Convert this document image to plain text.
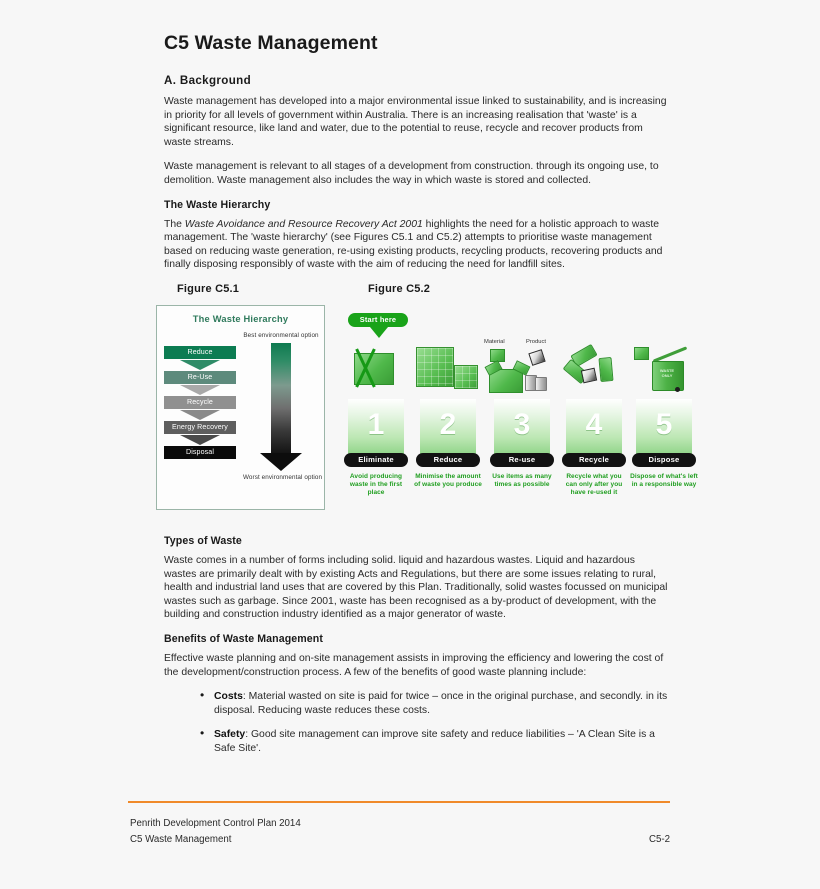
C5 Waste Management
A. Background

Waste management has developed into a major environmental issue linked to sustainability, and is increasing in priority for all levels of government within Australia. There is an increasing realisation that 'waste' is a significant resource, like land and water, due to the potential to reuse, recycle and recover products from waste streams.

Waste management is relevant to all stages of a development from construction. through its ongoing use, to demolition. Waste management also includes the way in which waste is stored and collected.

The Waste Hierarchy

The Waste Avoidance and Resource Recovery Act 2001 highlights the need for a holistic approach to waste management. The 'waste hierarchy' (see Figures C5.1 and C5.2) attempts to prioritise waste management based on reducing waste generation, re-using existing products, recycling products, recovering products and finally disposing responsibly of waste with the aim of reducing the need for landfill sites.

Figure C5.1	Figure C5.2
The Waste Hierarchy
Reduce
Re-Use
Recycle
Energy Recovery
Disposal
Best environmental option
Worst environmental option
Start here
1
Eliminate
Avoid producing waste in the first place
2
Reduce
Minimise the amount of waste you produce
Material	Product
3
Re-use
Use items as many times as possible
4
Recycle
Recycle what you can only after you have re-used it
WASTE ONLY
5
Dispose
Dispose of what's left in a responsible way
Types of Waste

Waste comes in a number of forms including solid. liquid and hazardous wastes. Liquid and hazardous wastes are primarily dealt with by existing Acts and Regulations, but there are some issues relating to rural, health and industrial land uses that are covered by this Plan. Traditionally, solid wastes focussed on municipal wastes such as garbage. Since 2001, waste has been recognised as a by-product of development, with the building and construction industry identified as a major generator of waste.

Benefits of Waste Management

Effective waste planning and on-site management assists in improving the efficiency and lowering the cost of the development/construction process. A few of the benefits of good waste planning include:

• Costs: Material wasted on site is paid for twice – once in the original purchase, and secondly. in its disposal. Reducing waste reduces these costs.
• Safety: Good site management can improve site safety and reduce liabilities – 'A Clean Site is a Safe Site'.
Penrith Development Control Plan 2014
C5 Waste Management	C5-2
